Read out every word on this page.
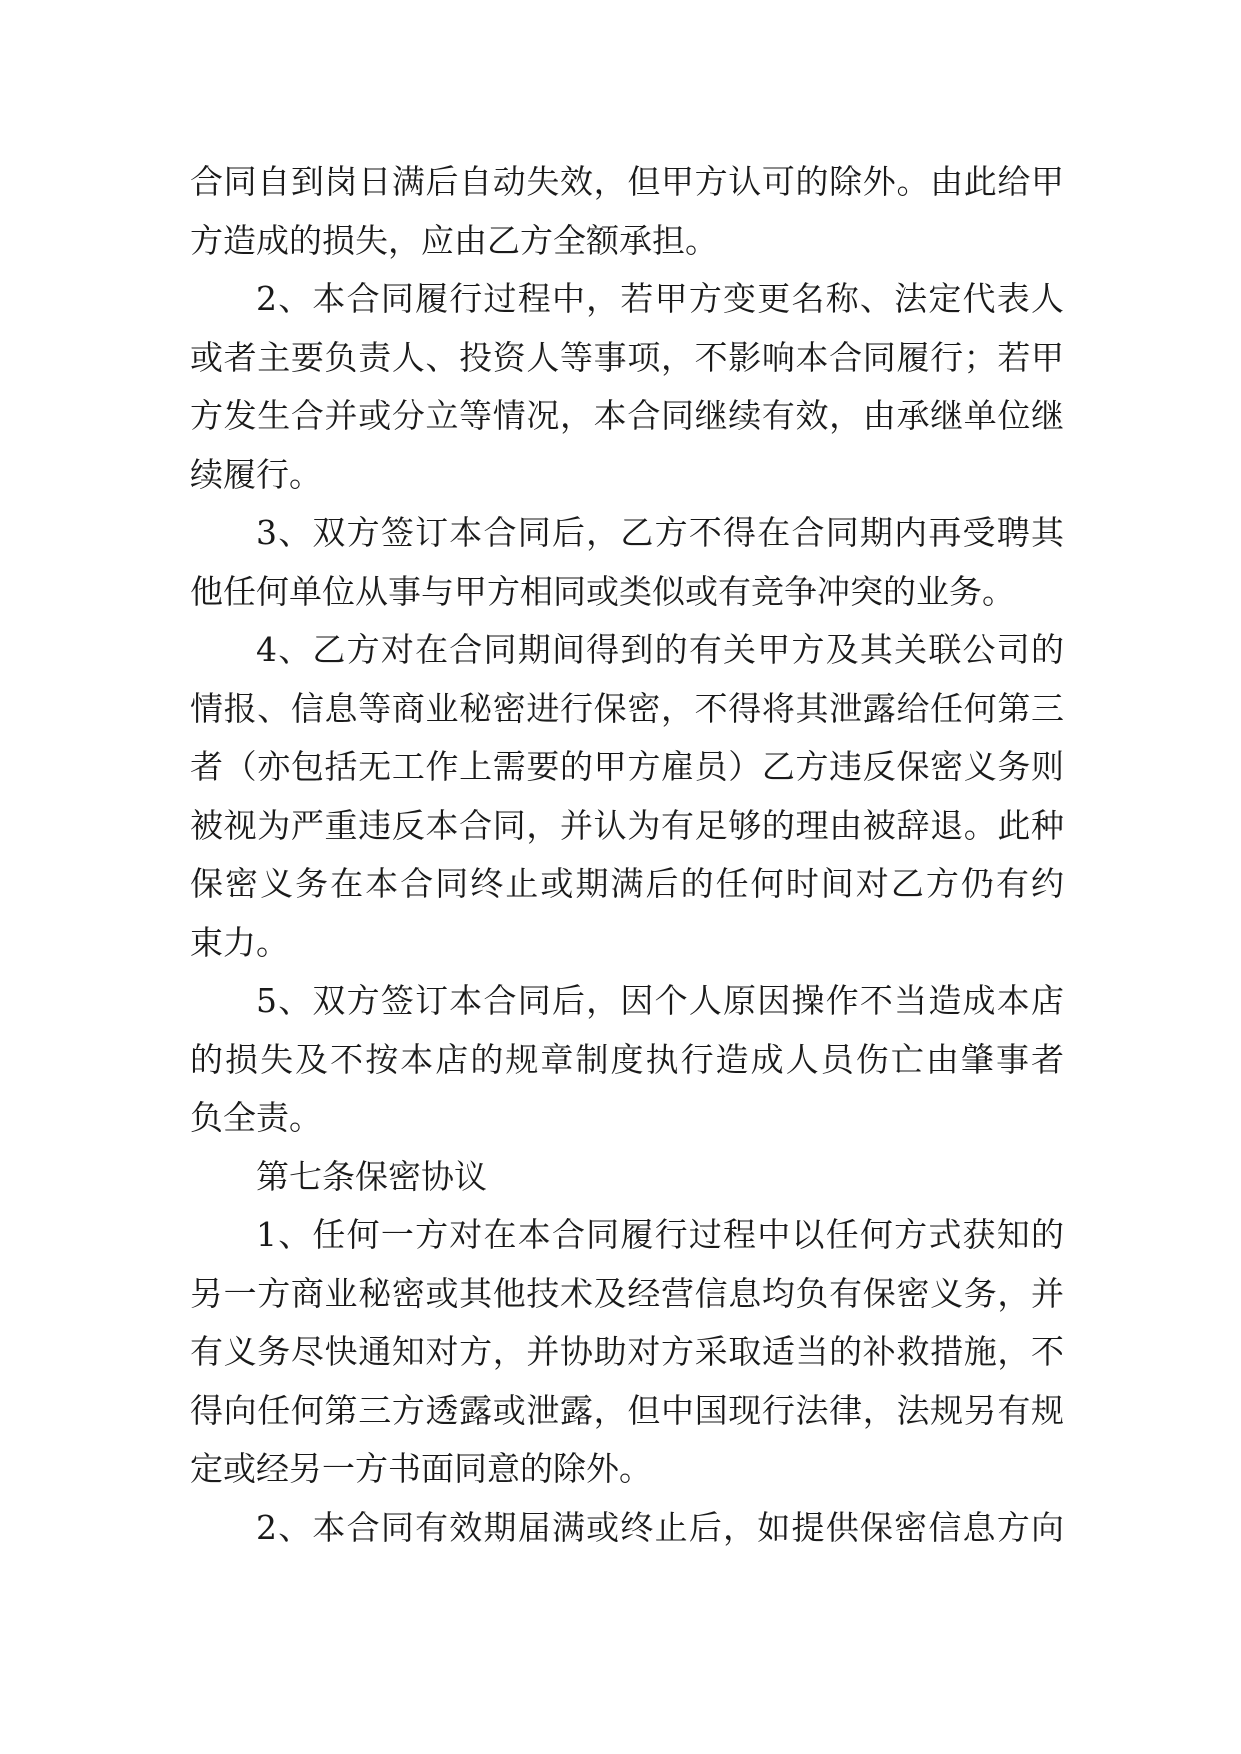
合同自到岗日满后自动失效，但甲方认可的除外。由此给甲
方造成的损失，应由乙方全额承担。
2、本合同履行过程中，若甲方变更名称、法定代表人
或者主要负责人、投资人等事项，不影响本合同履行；若甲
方发生合并或分立等情况，本合同继续有效，由承继单位继
续履行。
3、双方签订本合同后，乙方不得在合同期内再受聘其
他任何单位从事与甲方相同或类似或有竞争冲突的业务。
4、乙方对在合同期间得到的有关甲方及其关联公司的
情报、信息等商业秘密进行保密，不得将其泄露给任何第三
者（亦包括无工作上需要的甲方雇员）乙方违反保密义务则
被视为严重违反本合同，并认为有足够的理由被辞退。此种
保密义务在本合同终止或期满后的任何时间对乙方仍有约
束力。
5、双方签订本合同后，因个人原因操作不当造成本店
的损失及不按本店的规章制度执行造成人员伤亡由肇事者
负全责。
第七条保密协议
1、任何一方对在本合同履行过程中以任何方式获知的
另一方商业秘密或其他技术及经营信息均负有保密义务，并
有义务尽快通知对方，并协助对方采取适当的补救措施，不
得向任何第三方透露或泄露，但中国现行法律，法规另有规
定或经另一方书面同意的除外。
2、本合同有效期届满或终止后，如提供保密信息方向
